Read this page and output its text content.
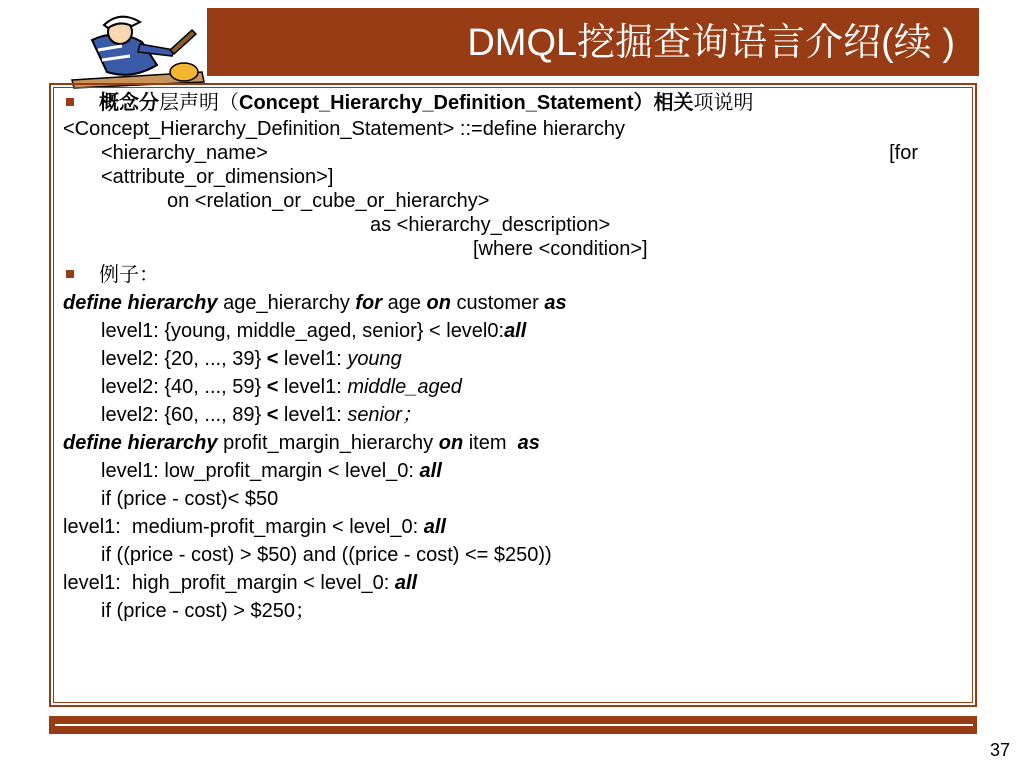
DMQL挖掘查询语言介绍(续 )
概念分层声明（Concept_Hierarchy_Definition_Statement）相关项说明
<Concept_Hierarchy_Definition_Statement> ::=define hierarchy
<hierarchy_name>	[for
<attribute_or_dimension>]
on <relation_or_cube_or_hierarchy>
as <hierarchy_description>
[where <condition>]
例子：
define hierarchy age_hierarchy for age on customer as
level1: {young, middle_aged, senior} < level0:all
level2: {20, ..., 39} < level1: young
level2: {40, ..., 59} < level1: middle_aged
level2: {60, ..., 89} < level1: senior；
define hierarchy profit_margin_hierarchy on item  as
level1: low_profit_margin < level_0: all
if (price - cost)< $50
level1:  medium-profit_margin < level_0: all
if ((price - cost) > $50) and ((price - cost) <= $250))
level1:  high_profit_margin < level_0: all
if (price - cost) > $250；
37
